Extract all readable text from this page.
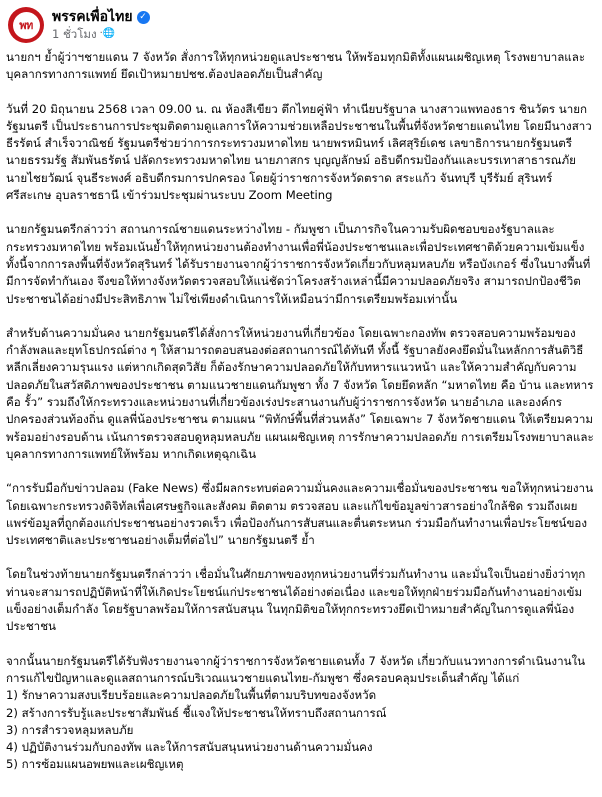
พท
พรรคเพื่อไทย ✓
1 ชั่วโมง ·🌐

นายกฯ ย้ำผู้ว่าฯชายแดน 7 จังหวัด สั่งการให้ทุกหน่วยดูแลประชาชน ให้พร้อมทุกมิติทั้งแผนเผชิญเหตุ โรงพยาบาลและบุคลากรทางการแพทย์ ยึดเป้าหมายปชช.ต้องปลอดภัยเป็นสำคัญ

วันที่ 20 มิถุนายน 2568 เวลา 09.00 น. ณ ห้องสีเขียว ตึกไทยคู่ฟ้า ทำเนียบรัฐบาล นางสาวแพทองธาร ชินวัตร นายกรัฐมนตรี เป็นประธานการประชุมติดตามดูแลการให้ความช่วยเหลือประชาชนในพื้นที่จังหวัดชายแดนไทย โดยมีนางสาวธีรรัตน์ สำเร็จวาณิชย์ รัฐมนตรีช่วยว่าการกระทรวงมหาดไทย นายพรหมินทร์ เลิศสุริย์เดช เลขาธิการนายกรัฐมนตรี นายธรรมรัฐ สัมพันธรัตน์ ปลัดกระทรวงมหาดไทย นายภาสกร บุญญลักษม์ อธิบดีกรมป้องกันและบรรเทาสาธารณภัย นายไชยวัฒน์ จุนธีระพงศ์ อธิบดีกรมการปกครอง โดยผู้ว่าราชการจังหวัดตราด สระแก้ว จันทบุรี บุรีรัมย์ สุรินทร์ ศรีสะเกษ อุบลราชธานี เข้าร่วมประชุมผ่านระบบ Zoom Meeting

นายกรัฐมนตรีกล่าวว่า สถานการณ์ชายแดนระหว่างไทย - กัมพูชา เป็นภารกิจในความรับผิดชอบของรัฐบาลและกระทรวงมหาดไทย พร้อมเน้นย้ำให้ทุกหน่วยงานต้องทำงานเพื่อพี่น้องประชาชนและเพื่อประเทศชาติด้วยความเข้มแข็ง ทั้งนี้จากการลงพื้นที่จังหวัดสุรินทร์ ได้รับรายงานจากผู้ว่าราชการจังหวัดเกี่ยวกับหลุมหลบภัย หรือบังเกอร์ ซึ่งในบางพื้นที่มีการจัดทำกันเอง จึงขอให้ทางจังหวัดตรวจสอบให้แน่ชัดว่าโครงสร้างเหล่านี้มีความปลอดภัยจริง สามารถปกป้องชีวิตประชาชนได้อย่างมีประสิทธิภาพ ไม่ใช่เพียงดำเนินการให้เหมือนว่ามีการเตรียมพร้อมเท่านั้น

สำหรับด้านความมั่นคง นายกรัฐมนตรีได้สั่งการให้หน่วยงานที่เกี่ยวข้อง โดยเฉพาะกองทัพ ตรวจสอบความพร้อมของกำลังพลและยุทโธปกรณ์ต่าง ๆ ให้สามารถตอบสนองต่อสถานการณ์ได้ทันที ทั้งนี้ รัฐบาลยังคงยึดมั่นในหลักการสันติวิธี หลีกเลี่ยงความรุนแรง แต่หากเกิดสุดวิสัย ก็ต้องรักษาความปลอดภัยให้กับทหารแนวหน้า และให้ความสำคัญกับความปลอดภัยในสวัสดิภาพของประชาชน ตามแนวชายแดนกัมพูชา ทั้ง 7 จังหวัด โดยยึดหลัก “มหาดไทย คือ บ้าน และทหาร คือ รั้ว” รวมถึงให้กระทรวงและหน่วยงานที่เกี่ยวข้องเร่งประสานงานกับผู้ว่าราชการจังหวัด นายอำเภอ และองค์กรปกครองส่วนท้องถิ่น ดูแลพี่น้องประชาชน ตามแผน “พิทักษ์พื้นที่ส่วนหลัง” โดยเฉพาะ 7 จังหวัดชายแดน ให้เตรียมความพร้อมอย่างรอบด้าน เน้นการตรวจสอบดูหลุมหลบภัย แผนเผชิญเหตุ การรักษาความปลอดภัย การเตรียมโรงพยาบาลและบุคลากรทางการแพทย์ให้พร้อม หากเกิดเหตุฉุกเฉิน

“การรับมือกับข่าวปลอม (Fake News) ซึ่งมีผลกระทบต่อความมั่นคงและความเชื่อมั่นของประชาชน ขอให้ทุกหน่วยงาน โดยเฉพาะกระทรวงดิจิทัลเพื่อเศรษฐกิจและสังคม ติดตาม ตรวจสอบ และแก้ไขข้อมูลข่าวสารอย่างใกล้ชิด รวมถึงเผยแพร่ข้อมูลที่ถูกต้องแก่ประชาชนอย่างรวดเร็ว เพื่อป้องกันการสับสนและตื่นตระหนก ร่วมมือกันทำงานเพื่อประโยชน์ของประเทศชาติและประชาชนอย่างเต็มที่ต่อไป” นายกรัฐมนตรี ย้ำ

โดยในช่วงท้ายนายกรัฐมนตรีกล่าวว่า เชื่อมั่นในศักยภาพของทุกหน่วยงานที่ร่วมกันทำงาน และมั่นใจเป็นอย่างยิ่งว่าทุกท่านจะสามารถปฏิบัติหน้าที่ให้เกิดประโยชน์แก่ประชาชนได้อย่างต่อเนื่อง และขอให้ทุกฝ่ายร่วมมือกันทำงานอย่างเข้มแข็งอย่างเต็มกำลัง โดยรัฐบาลพร้อมให้การสนับสนุน ในทุกมิติขอให้ทุกกระทรวงยึดเป้าหมายสำคัญในการดูแลพี่น้องประชาชน

จากนั้นนายกรัฐมนตรีได้รับฟังรายงานจากผู้ว่าราชการจังหวัดชายแดนทั้ง 7 จังหวัด เกี่ยวกับแนวทางการดำเนินงานในการแก้ไขปัญหาและดูแลสถานการณ์บริเวณแนวชายแดนไทย-กัมพูชา ซึ่งครอบคลุมประเด็นสำคัญ ได้แก่

1) รักษาความสงบเรียบร้อยและความปลอดภัยในพื้นที่ตามบริบทของจังหวัด
2) สร้างการรับรู้และประชาสัมพันธ์ ชี้แจงให้ประชาชนให้ทราบถึงสถานการณ์
3) การสำรวจหลุมหลบภัย
4) ปฏิบัติงานร่วมกับกองทัพ และให้การสนับสนุนหน่วยงานด้านความมั่นคง
5) การซ้อมแผนอพยพและเผชิญเหตุ
